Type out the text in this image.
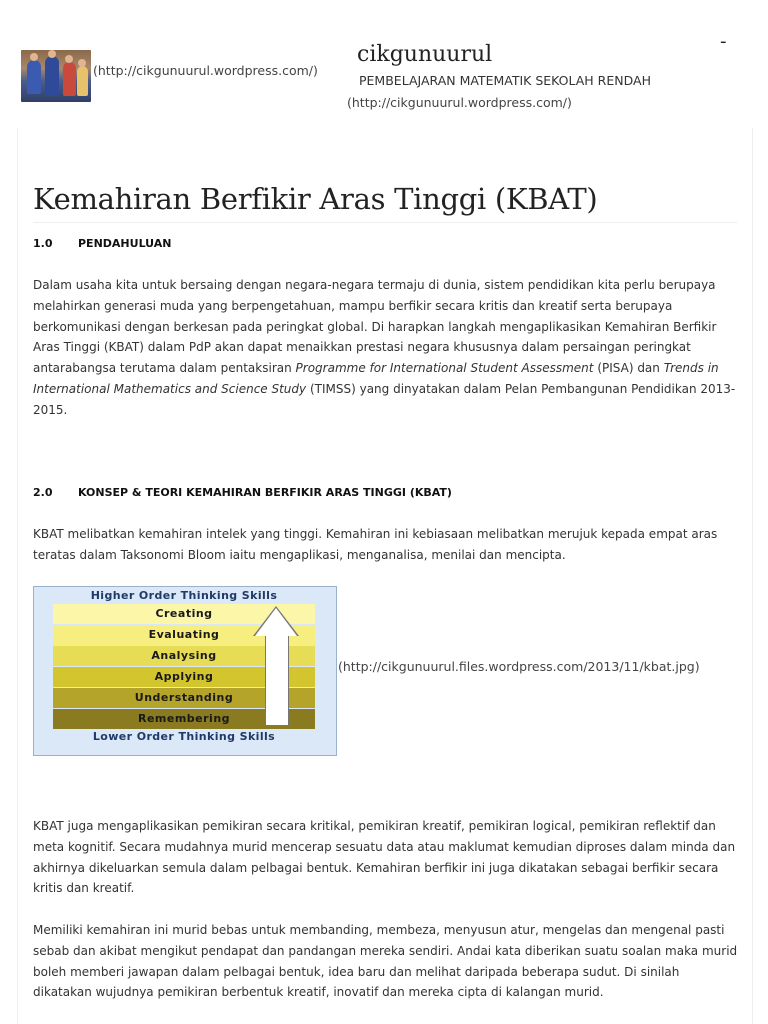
(http://cikgunuurul.wordpress.com/)
cikgunuurul
PEMBELAJARAN MATEMATIK SEKOLAH RENDAH
(http://cikgunuurul.wordpress.com/)
-
Kemahiran Berfikir Aras Tinggi (KBAT)
1.0 PENDAHULUAN

Dalam usaha kita untuk bersaing dengan negara-negara termaju di dunia, sistem pendidikan kita perlu berupaya melahirkan generasi muda yang berpengetahuan, mampu berfikir secara kritis dan kreatif serta berupaya berkomunikasi dengan berkesan pada peringkat global. Di harapkan langkah mengaplikasikan Kemahiran Berfikir Aras Tinggi (KBAT) dalam PdP akan dapat menaikkan prestasi negara khususnya dalam persaingan peringkat antarabangsa terutama dalam pentaksiran Programme for International Student Assessment (PISA) dan Trends in International Mathematics and Science Study (TIMSS) yang dinyatakan dalam Pelan Pembangunan Pendidikan 2013-2015.

2.0 KONSEP & TEORI KEMAHIRAN BERFIKIR ARAS TINGGI (KBAT)

KBAT melibatkan kemahiran intelek yang tinggi. Kemahiran ini kebiasaan melibatkan merujuk kepada empat aras teratas dalam Taksonomi Bloom iaitu mengaplikasi, menganalisa, menilai dan mencipta.

Higher Order Thinking Skills
Lower Order Thinking Skills
Creating
Evaluating
Analysing
Applying
Understanding
Remembering
(http://cikgunuurul.files.wordpress.com/2013/11/kbat.jpg)

KBAT juga mengaplikasikan pemikiran secara kritikal, pemikiran kreatif, pemikiran logical, pemikiran reflektif dan meta kognitif. Secara mudahnya murid mencerap sesuatu data atau maklumat kemudian diproses dalam minda dan akhirnya dikeluarkan semula dalam pelbagai bentuk. Kemahiran berfikir ini juga dikatakan sebagai berfikir secara kritis dan kreatif.

Memiliki kemahiran ini murid bebas untuk membanding, membeza, menyusun atur, mengelas dan mengenal pasti sebab dan akibat mengikut pendapat dan pandangan mereka sendiri. Andai kata diberikan suatu soalan maka murid boleh memberi jawapan dalam pelbagai bentuk, idea baru dan melihat daripada beberapa sudut. Di sinilah dikatakan wujudnya pemikiran berbentuk kreatif, inovatif dan mereka cipta di kalangan murid.
